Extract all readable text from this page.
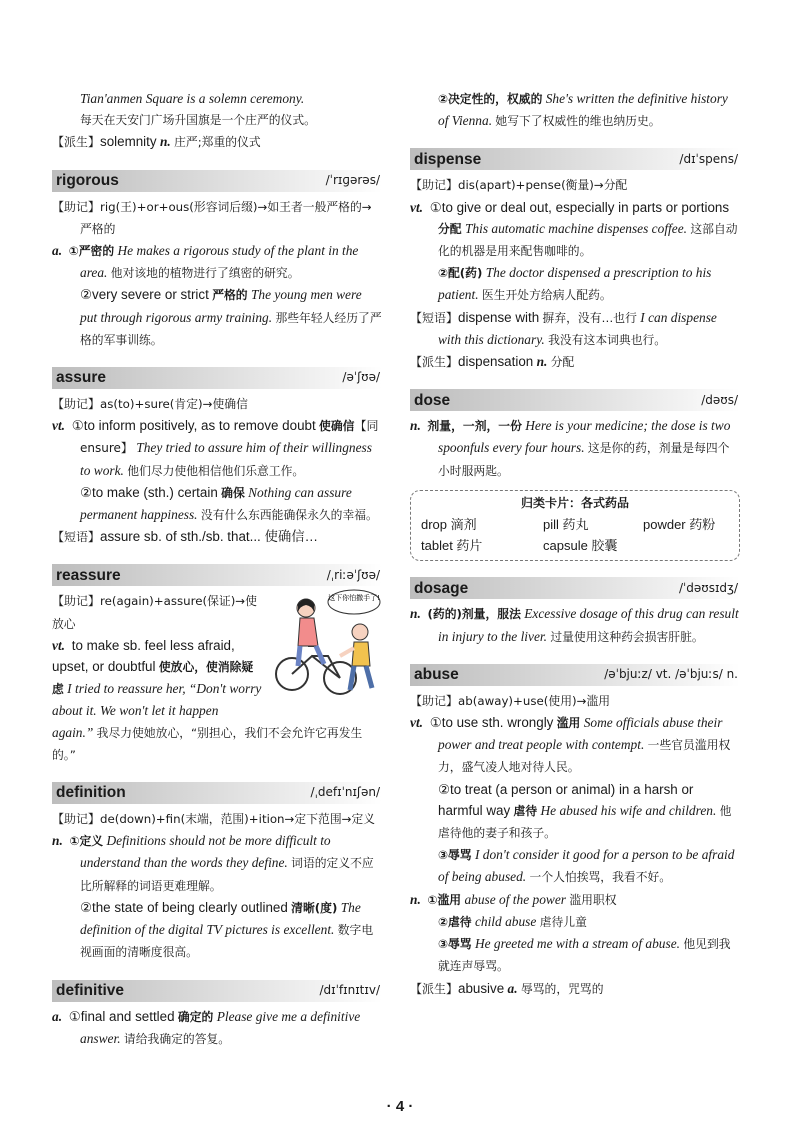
Tian'anmen Square is a solemn ceremony.
每天在天安门广场升国旗是一个庄严的仪式。

【派生】solemnity n. 庄严;郑重的仪式

rigorous	/ˈrɪɡərəs/

【助记】rig(王)+or+ous(形容词后缀)→如王者一般严格的→严格的

a. ①严密的 He makes a rigorous study of the plant in the area. 他对该地的植物进行了缜密的研究。

②very severe or strict 严格的 The young men were put through rigorous army training. 那些年轻人经历了严格的军事训练。

assure	/əˈʃʊə/

【助记】as(to)+sure(肯定)→使确信

vt. ①to inform positively, as to remove doubt 使确信【同 ensure】 They tried to assure him of their willingness to work. 他们尽力使他相信他们乐意工作。

②to make (sth.) certain 确保 Nothing can assure permanent happiness. 没有什么东西能确保永久的幸福。

【短语】assure sb. of sth./sb. that... 使确信…

reassure	/ˌriːəˈʃʊə/
这下你怕撒手了!

【助记】re(again)+assure(保证)→使放心

vt. to make sb. feel less afraid, upset, or doubtful 使放心，使消除疑虑 I tried to reassure her, “Don't worry about it. We won't let it happen again.” 我尽力使她放心，“别担心，我们不会允许它再发生的。”

definition	/ˌdefɪˈnɪʃən/

【助记】de(down)+fin(末端，范围)+ition→定下范围→定义

n. ①定义 Definitions should not be more difficult to understand than the words they define. 词语的定义不应比所解释的词语更难理解。

②the state of being clearly outlined 清晰(度) The definition of the digital TV pictures is excellent. 数字电视画面的清晰度很高。

definitive	/dɪˈfɪnɪtɪv/

a. ①final and settled 确定的 Please give me a definitive answer. 请给我确定的答复。

②决定性的，权威的 She's written the definitive history of Vienna. 她写下了权威性的维也纳历史。

dispense	/dɪˈspens/

【助记】dis(apart)+pense(衡量)→分配

vt. ①to give or deal out, especially in parts or portions 分配 This automatic machine dispenses coffee. 这部自动化的机器是用来配售咖啡的。

②配(药) The doctor dispensed a prescription to his patient. 医生开处方给病人配药。

【短语】dispense with 摒弃，没有…也行 I can dispense with this dictionary. 我没有这本词典也行。

【派生】dispensation n. 分配

dose	/dəʊs/

n. 剂量，一剂，一份 Here is your medicine; the dose is two spoonfuls every four hours. 这是你的药，剂量是每四个小时服两匙。

归类卡片：各式药品
drop 滴剂	pill 药丸	powder 药粉
tablet 药片	capsule 胶囊
dosage	/ˈdəʊsɪdʒ/

n. (药的)剂量，服法 Excessive dosage of this drug can result in injury to the liver. 过量使用这种药会损害肝脏。

abuse	/əˈbjuːz/ vt. /əˈbjuːs/ n.

【助记】ab(away)+use(使用)→滥用

vt. ①to use sth. wrongly 滥用 Some officials abuse their power and treat people with contempt. 一些官员滥用权力，盛气凌人地对待人民。

②to treat (a person or animal) in a harsh or harmful way 虐待 He abused his wife and children. 他虐待他的妻子和孩子。

③辱骂 I don't consider it good for a person to be afraid of being abused. 一个人怕挨骂，我看不好。

n. ①滥用 abuse of the power 滥用职权

②虐待 child abuse 虐待儿童

③辱骂 He greeted me with a stream of abuse. 他见到我就连声辱骂。

【派生】abusive a. 辱骂的，咒骂的

· 4 ·
